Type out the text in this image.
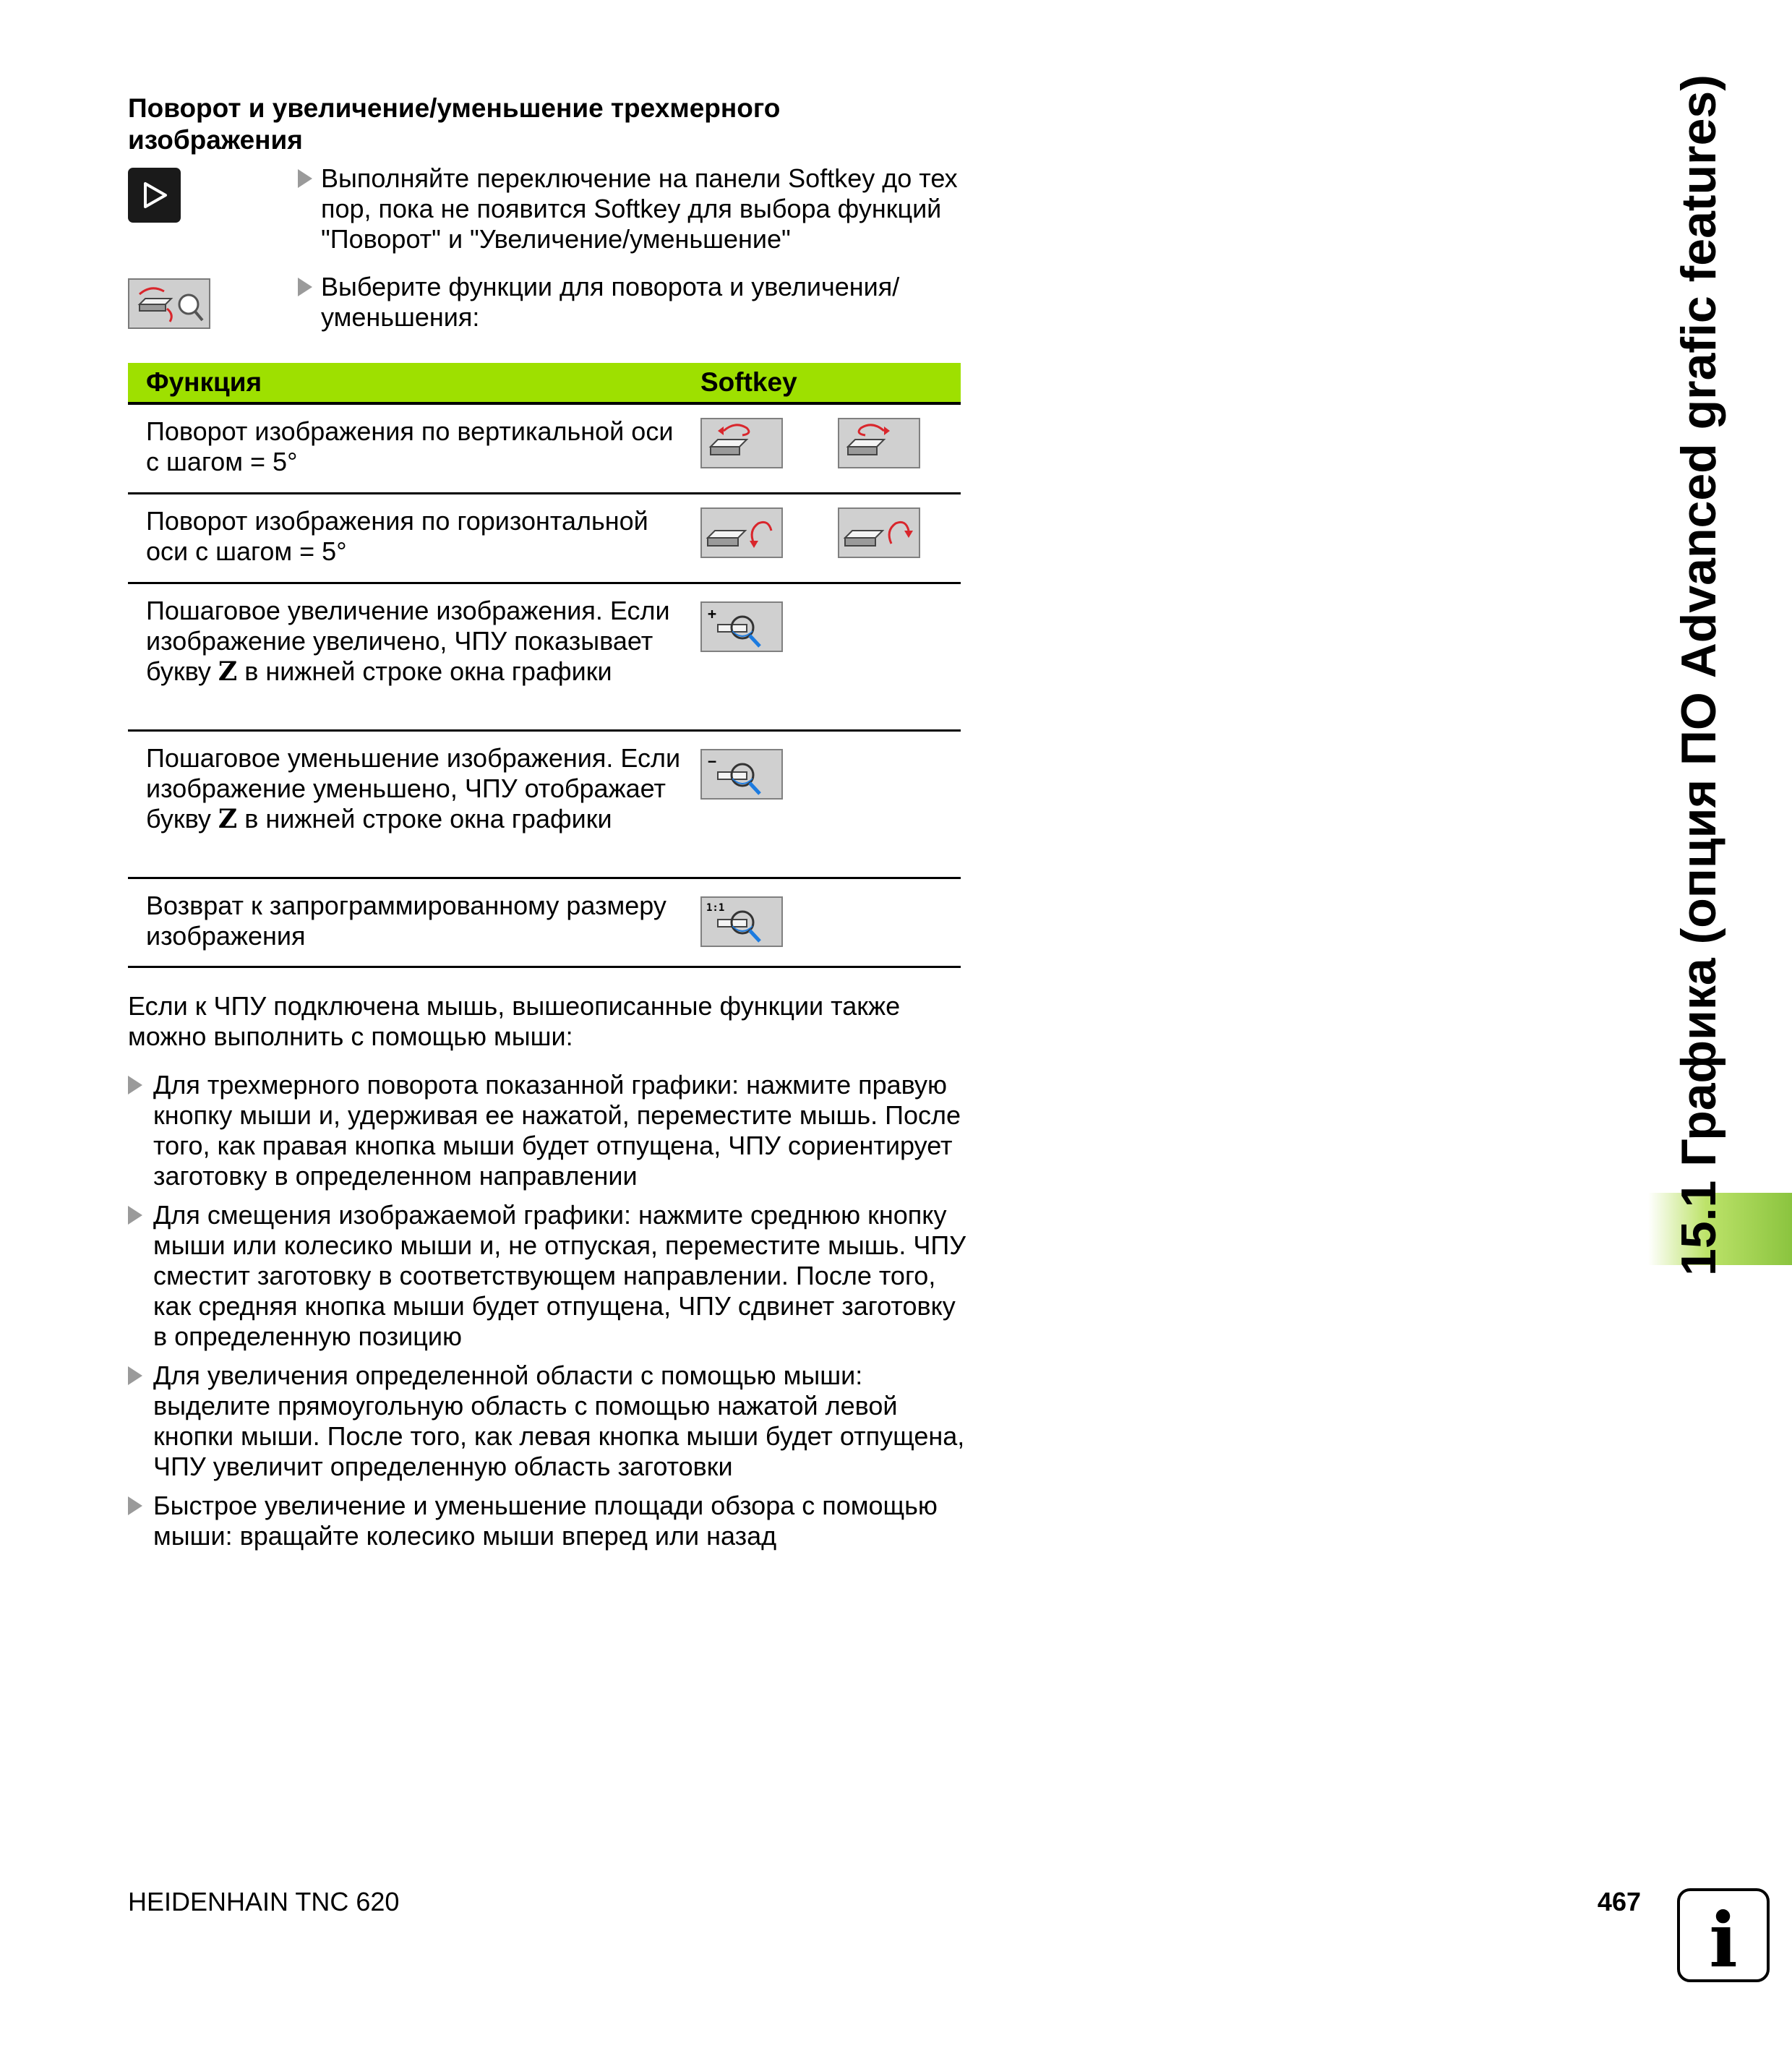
Поворот и увеличение/уменьшение трехмерного изображения
Выполняйте переключение на панели Softkey до тех пор, пока не появится Softkey для выбора функций "Поворот" и "Увеличение/уменьшение"
Выберите функции для поворота и увеличения/уменьшения:
Функция	Softkey
Поворот изображения по вертикальной оси с шагом = 5°
Поворот изображения по горизонтальной оси с шагом = 5°
Пошаговое увеличение изображения. Если изображение увеличено, ЧПУ показывает букву Z в нижней строке окна графики
+
Пошаговое уменьшение изображения. Если изображение уменьшено, ЧПУ отображает букву Z в нижней строке окна графики
−
Возврат к запрограммированному размеру изображения
1:1
Если к ЧПУ подключена мышь, вышеописанные функции также можно выполнить с помощью мыши:
Для трехмерного поворота показанной графики: нажмите правую кнопку мыши и, удерживая ее нажатой, переместите мышь. После того, как правая кнопка мыши будет отпущена, ЧПУ сориентирует заготовку в определенном направлении
Для смещения изображаемой графики: нажмите среднюю кнопку мыши или колесико мыши и, не отпуская, переместите мышь. ЧПУ сместит заготовку в соответствующем направлении. После того, как средняя кнопка мыши будет отпущена, ЧПУ сдвинет заготовку в определенную позицию
Для увеличения определенной области с помощью мыши: выделите прямоугольную область с помощью нажатой левой кнопки мыши. После того, как левая кнопка мыши будет отпущена, ЧПУ увеличит определенную область заготовки
Быстрое увеличение и уменьшение площади обзора с помощью мыши: вращайте колесико мыши вперед или назад
15.1 Графика (опция ПО Advanced grafic features)
HEIDENHAIN TNC 620	467 i
